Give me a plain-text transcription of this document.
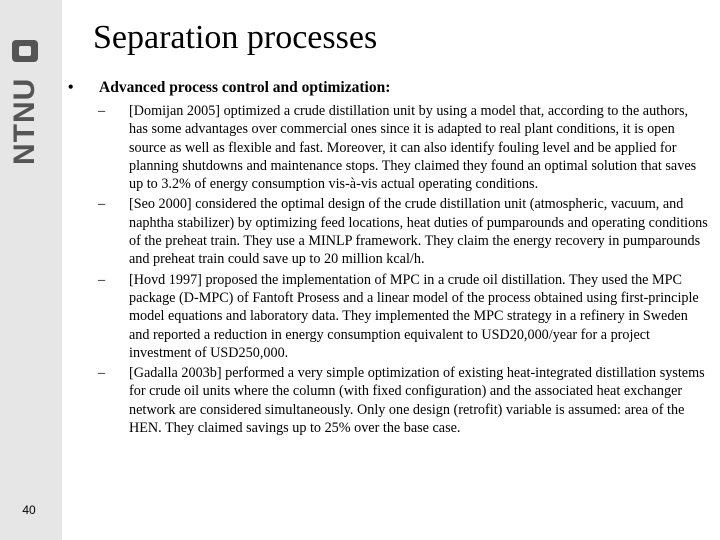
NTNU
40
Separation processes
• Advanced process control and optimization:
– [Domijan 2005] optimized a crude distillation unit by using a model that, according to the authors, has some advantages over commercial ones since it is adapted to real plant conditions, it is open source as well as flexible and fast. Moreover, it can also identify fouling level and be applied for planning shutdowns and maintenance stops. They claimed they found an optimal solution that saves up to 3.2% of energy consumption vis-à-vis actual operating conditions.
– [Seo 2000] considered the optimal design of the crude distillation unit (atmospheric, vacuum, and naphtha stabilizer) by optimizing feed locations, heat duties of pumparounds and operating conditions of the preheat train. They use a MINLP framework. They claim the energy recovery in pumparounds and preheat train could save up to 20 million kcal/h.
– [Hovd 1997] proposed the implementation of MPC in a crude oil distillation. They used the MPC package (D-MPC) of Fantoft Prosess and a linear model of the process obtained using first-principle model equations and laboratory data. They implemented the MPC strategy in a refinery in Sweden and reported a reduction in energy consumption equivalent to USD20,000/year for a project investment of USD250,000.
– [Gadalla 2003b] performed a very simple optimization of existing heat-integrated distillation systems for crude oil units where the column (with fixed configuration) and the associated heat exchanger network are considered simultaneously. Only one design (retrofit) variable is assumed: area of the HEN. They claimed savings up to 25% over the base case.
